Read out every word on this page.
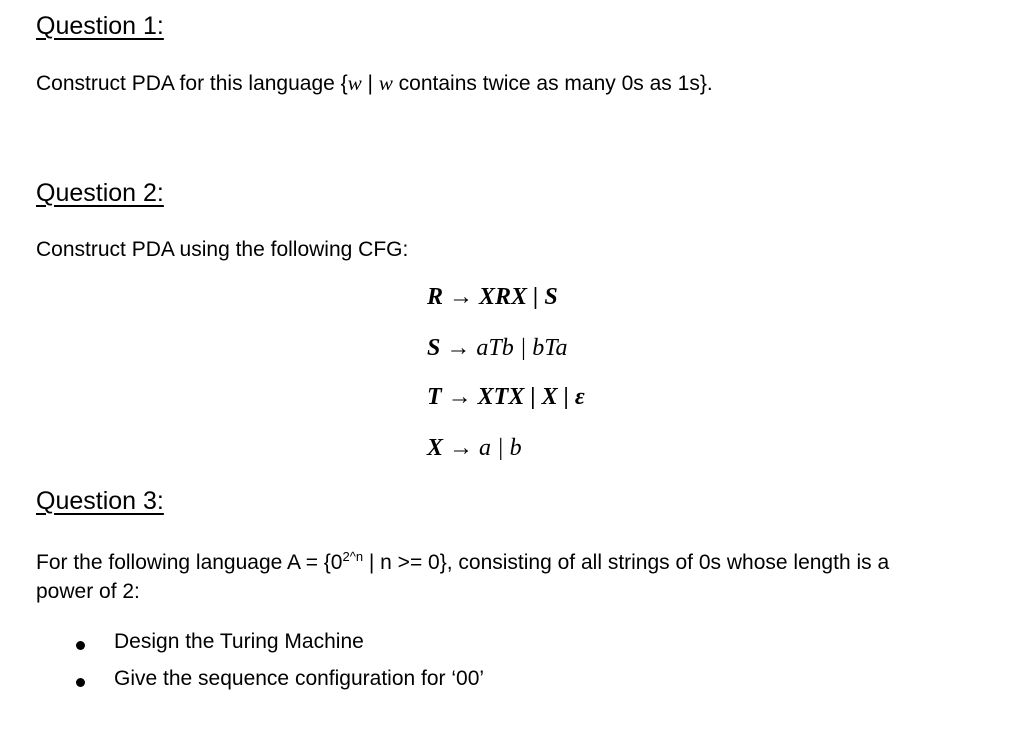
Question 1:
Construct PDA for this language {w | w contains twice as many 0s as 1s}.
Question 2:
Construct PDA using the following CFG:
R → XRX | S
S → aTb | bTa
T → XTX | X | ε
X → a | b
Question 3:
For the following language $A = \{0^{2\^{}n}$ | n >= 0}, consisting of all strings of 0s whose length is a
power of 2:
Design the Turing Machine
Give the sequence configuration for ‘00’
